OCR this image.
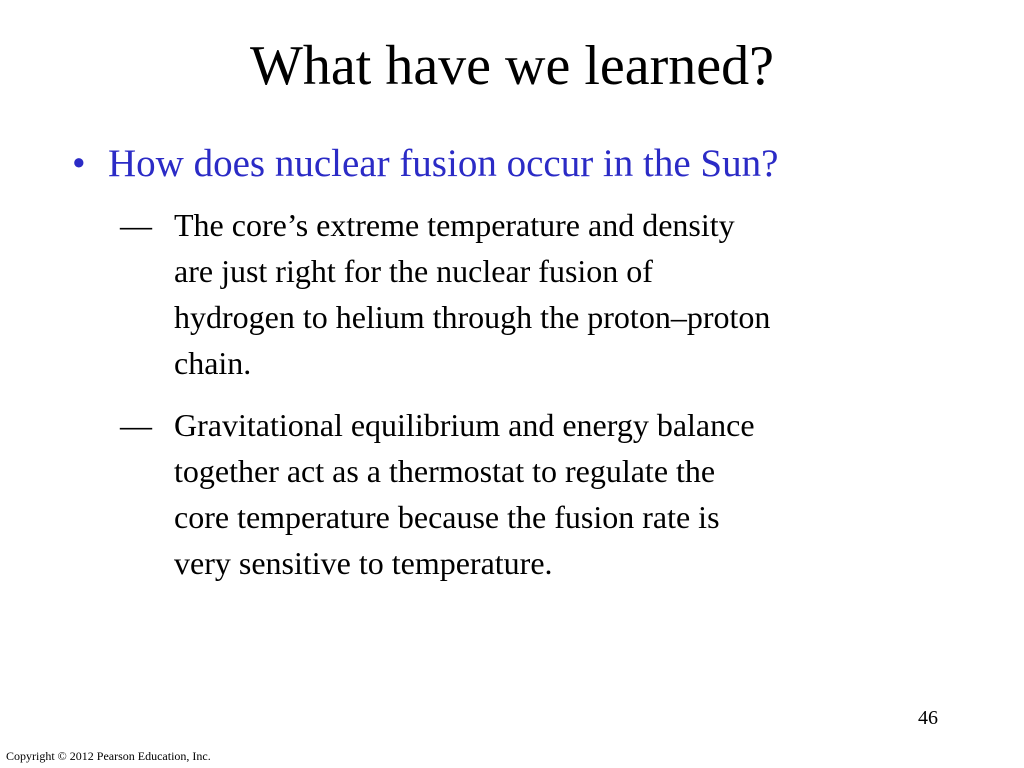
What have we learned?
• How does nuclear fusion occur in the Sun?
— The core’s extreme temperature and density
are just right for the nuclear fusion of
hydrogen to helium through the proton–proton
chain.
— Gravitational equilibrium and energy balance
together act as a thermostat to regulate the
core temperature because the fusion rate is
very sensitive to temperature.
46
Copyright © 2012 Pearson Education, Inc.
